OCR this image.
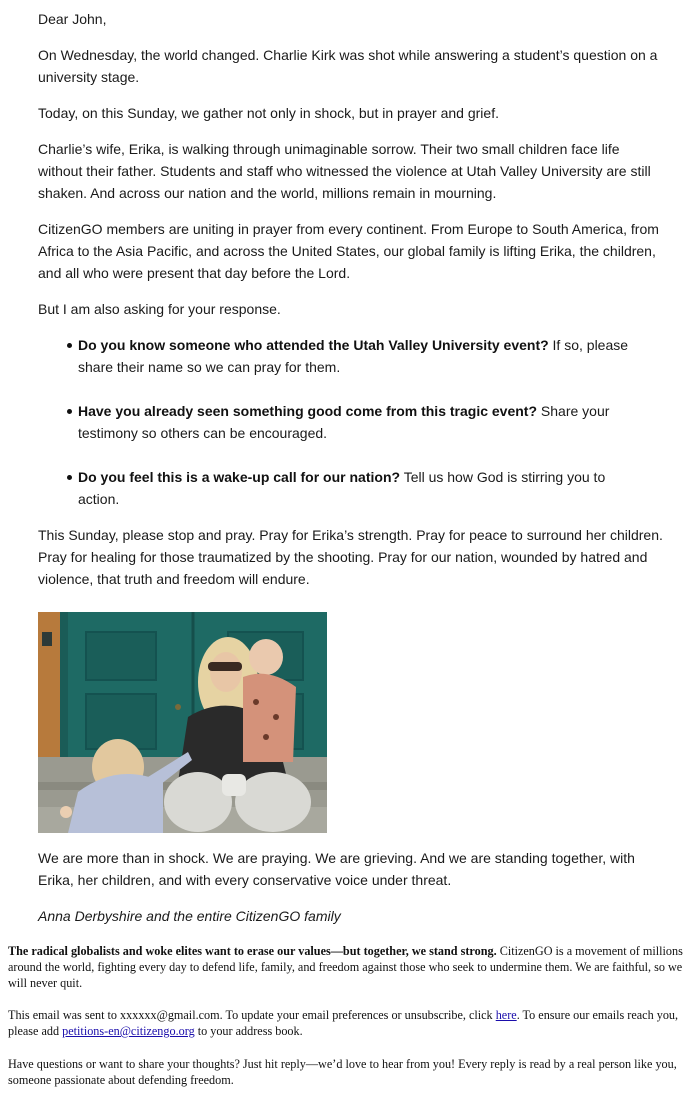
Dear John,

On Wednesday, the world changed. Charlie Kirk was shot while answering a student’s question on a university stage.

Today, on this Sunday, we gather not only in shock, but in prayer and grief.

Charlie’s wife, Erika, is walking through unimaginable sorrow. Their two small children face life without their father. Students and staff who witnessed the violence at Utah Valley University are still shaken. And across our nation and the world, millions remain in mourning.

CitizenGO members are uniting in prayer from every continent. From Europe to South America, from Africa to the Asia Pacific, and across the United States, our global family is lifting Erika, the children, and all who were present that day before the Lord.

But I am also asking for your response.

Do you know someone who attended the Utah Valley University event? If so, please share their name so we can pray for them.
Have you already seen something good come from this tragic event? Share your testimony so others can be encouraged.
Do you feel this is a wake-up call for our nation? Tell us how God is stirring you to action.

This Sunday, please stop and pray. Pray for Erika’s strength. Pray for peace to surround her children. Pray for healing for those traumatized by the shooting. Pray for our nation, wounded by hatred and violence, that truth and freedom will endure.

We are more than in shock. We are praying. We are grieving. And we are standing together, with Erika, her children, and with every conservative voice under threat.

Anna Derbyshire and the entire CitizenGO family

The radical globalists and woke elites want to erase our values—but together, we stand strong. CitizenGO is a movement of millions around the world, fighting every day to defend life, family, and freedom against those who seek to undermine them. We are faithful, so we will never quit.

This email was sent to xxxxxx@gmail.com. To update your email preferences or unsubscribe, click here. To ensure our emails reach you, please add petitions-en@citizengo.org to your address book.

Have questions or want to share your thoughts? Just hit reply—we’d love to hear from you! Every reply is read by a real person like you, someone passionate about defending freedom.
